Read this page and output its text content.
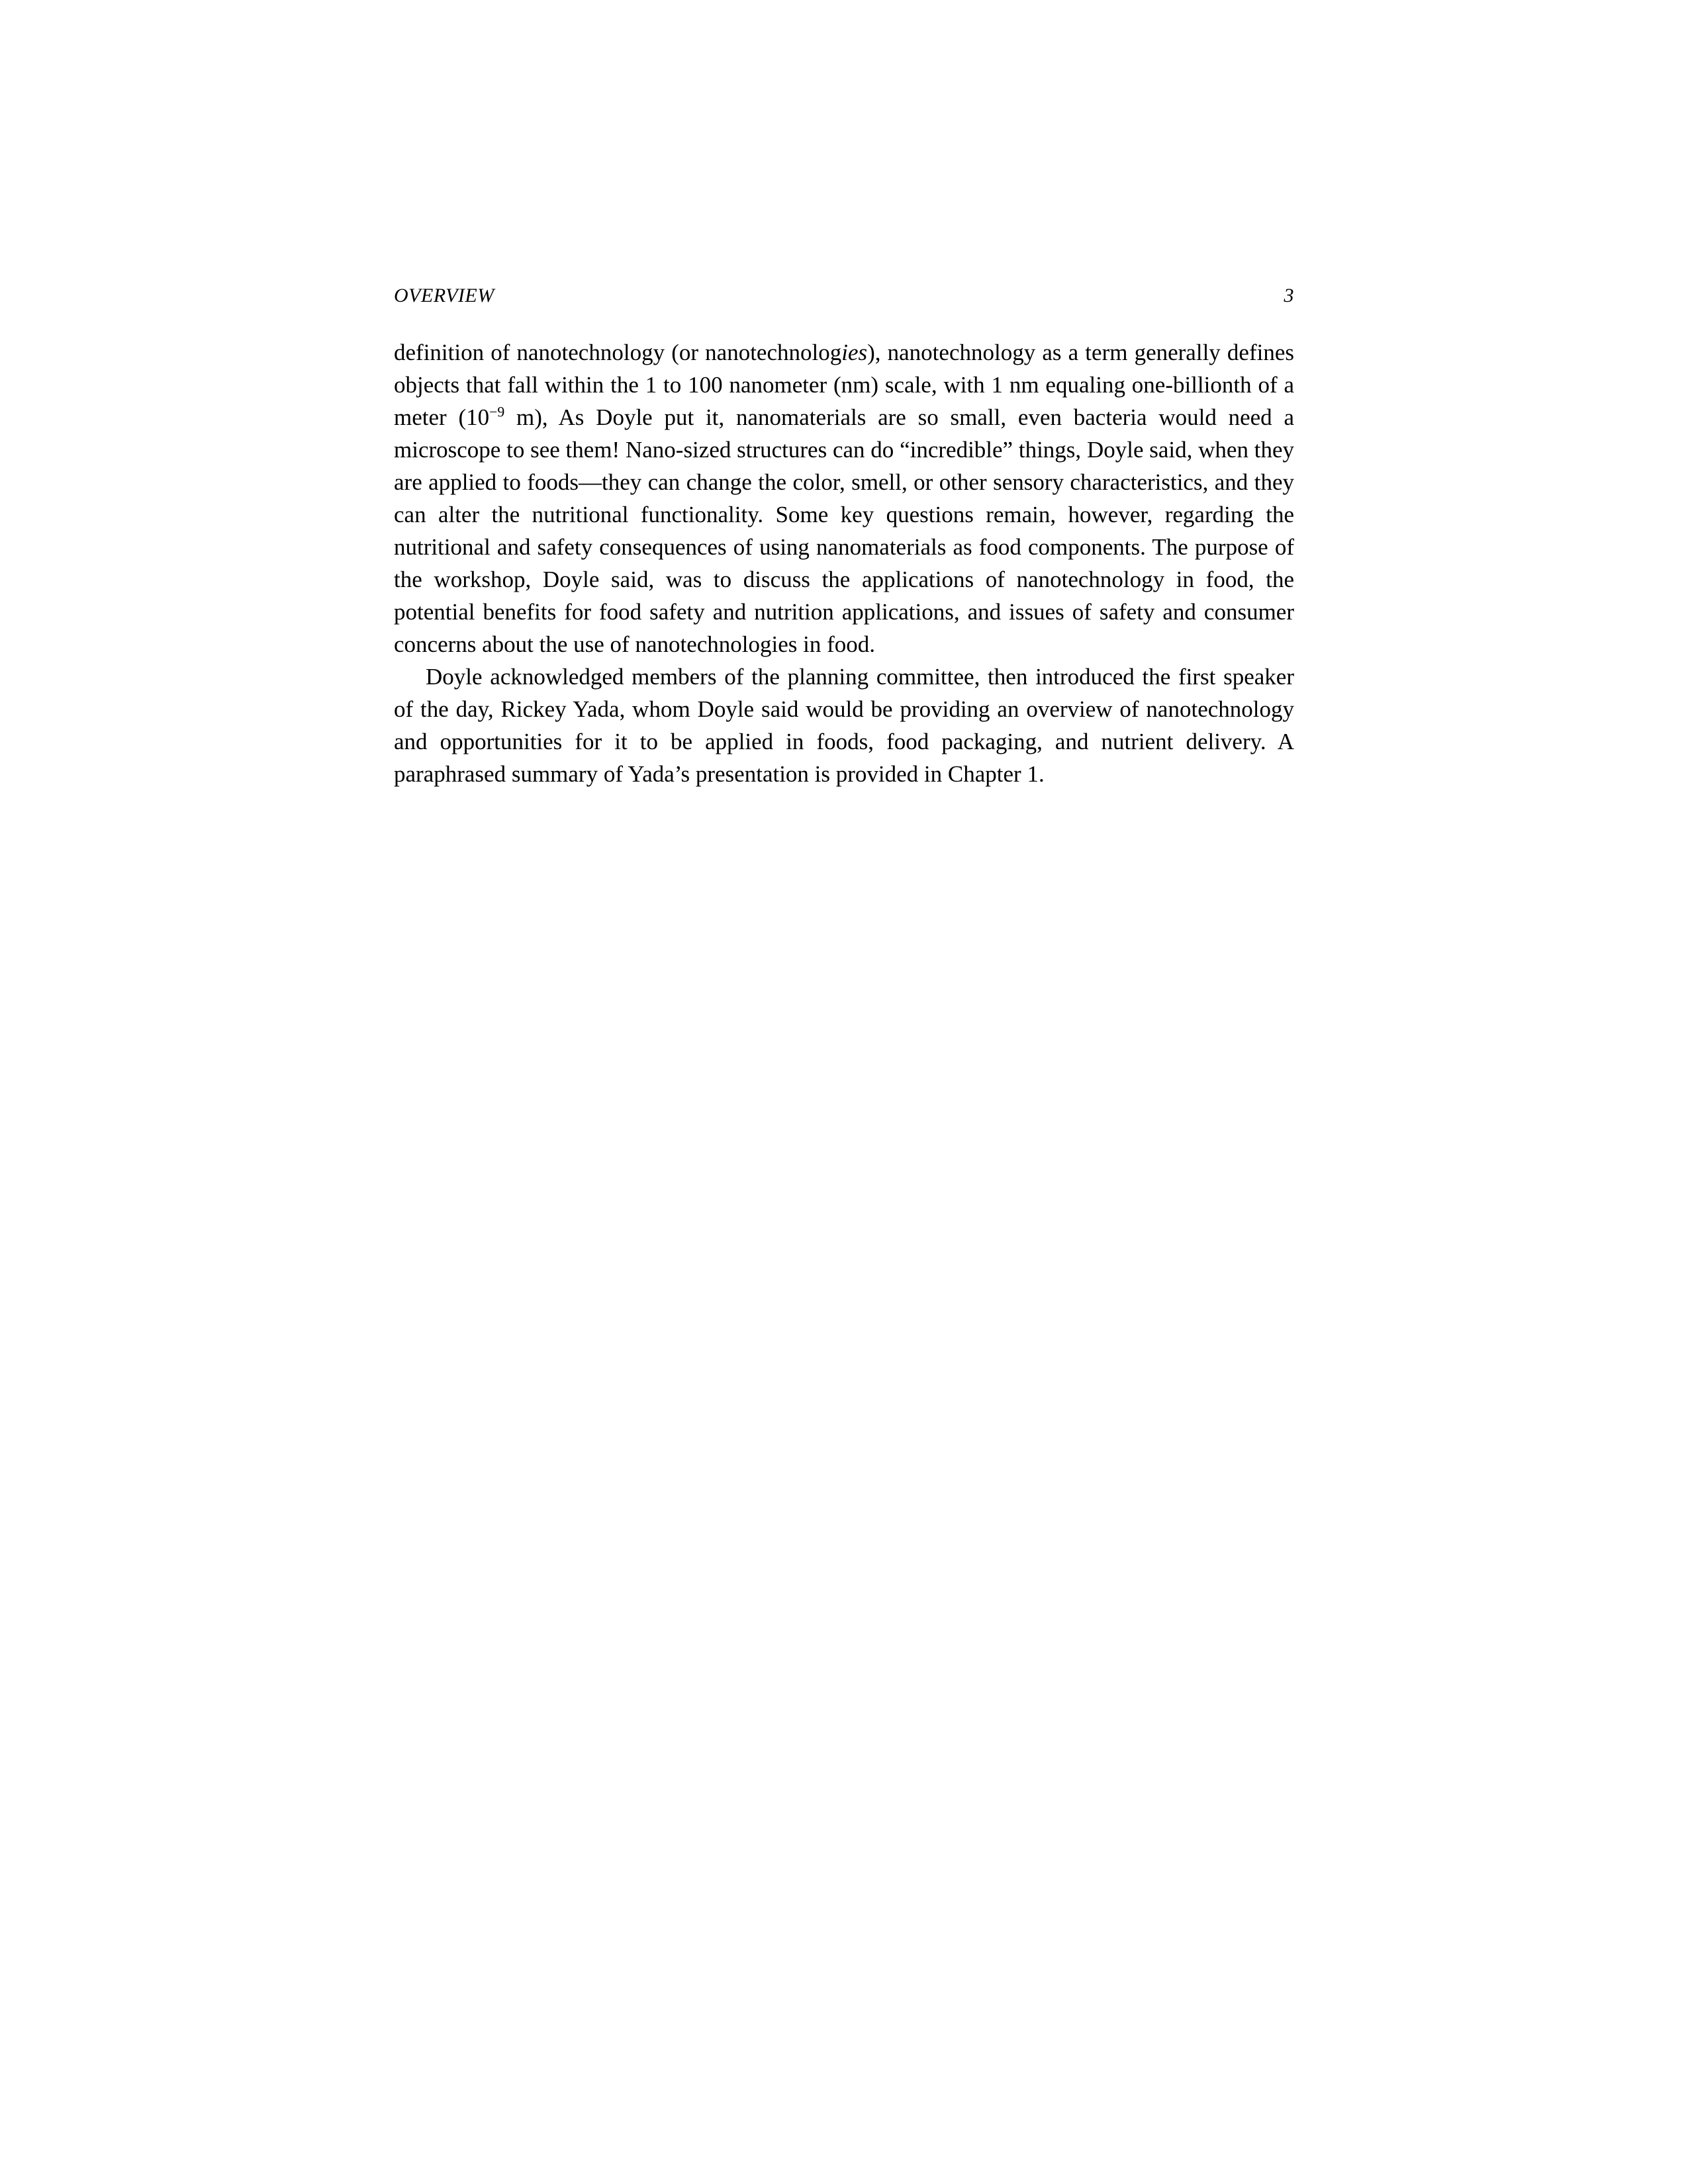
OVERVIEW	3

definition of nanotechnology (or nanotechnologies), nanotechnology as a term generally defines objects that fall within the 1 to 100 nanometer (nm) scale, with 1 nm equaling one-billionth of a meter ($10^{-9}$ m), As Doyle put it, nanomaterials are so small, even bacteria would need a microscope to see them! Nano-sized structures can do “incredible” things, Doyle said, when they are applied to foods—they can change the color, smell, or other sensory characteristics, and they can alter the nutritional functionality. Some key questions remain, however, regarding the nutritional and safety consequences of using nanomaterials as food components. The purpose of the workshop, Doyle said, was to discuss the applications of nanotechnology in food, the potential benefits for food safety and nutrition applications, and issues of safety and consumer concerns about the use of nanotechnologies in food.

Doyle acknowledged members of the planning committee, then introduced the first speaker of the day, Rickey Yada, whom Doyle said would be providing an overview of nanotechnology and opportunities for it to be applied in foods, food packaging, and nutrient delivery. A paraphrased summary of Yada’s presentation is provided in Chapter 1.
